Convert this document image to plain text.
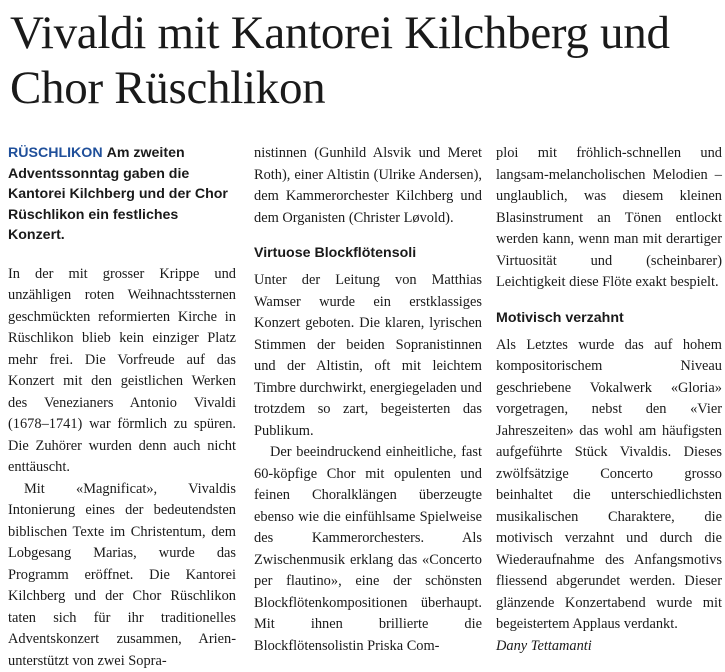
Vivaldi mit Kantorei Kilchberg und Chor Rüschlikon

RÜSCHLIKON Am zweiten Adventssonntag gaben die Kantorei Kilchberg und der Chor Rüschlikon ein festliches Konzert.

In der mit grosser Krippe und unzähligen roten Weihnachtssternen geschmückten reformierten Kirche in Rüschlikon blieb kein einziger Platz mehr frei. Die Vorfreude auf das Konzert mit den geistlichen Werken des Venezianers Antonio Vivaldi (1678–1741) war förmlich zu spüren. Die Zuhörer wurden denn auch nicht enttäuscht.

Mit «Magnificat», Vivaldis Intonierung eines der bedeutendsten biblischen Texte im Christentum, dem Lobgesang Marias, wurde das Programm eröffnet. Die Kantorei Kilchberg und der Chor Rüschlikon taten sich für ihr traditionelles Adventskonzert zusammen, Arien-unterstützt von zwei Sopra-

nistinnen (Gunhild Alsvik und Meret Roth), einer Altistin (Ulrike Andersen), dem Kammerorchester Kilchberg und dem Organisten (Christer Løvold).

Virtuose Blockflötensoli

Unter der Leitung von Matthias Wamser wurde ein erstklassiges Konzert geboten. Die klaren, lyrischen Stimmen der beiden Sopranistinnen und der Altistin, oft mit leichtem Timbre durchwirkt, energiegeladen und trotzdem so zart, begeisterten das Publikum.

Der beeindruckend einheitliche, fast 60-köpfige Chor mit opulenten und feinen Choralklängen überzeugte ebenso wie die einfühlsame Spielweise des Kammerorchesters. Als Zwischenmusik erklang das «Concerto per flautino», eine der schönsten Blockflötenkompositionen überhaupt. Mit ihnen brillierte die Blockflötensolistin Priska Com-

ploi mit fröhlich-schnellen und langsam-melancholischen Melodien – unglaublich, was diesem kleinen Blasinstrument an Tönen entlockt werden kann, wenn man mit derartiger Virtuosität und (scheinbarer) Leichtigkeit diese Flöte exakt bespielt.

Motivisch verzahnt

Als Letztes wurde das auf hohem kompositorischem Niveau geschriebene Vokalwerk «Gloria» vorgetragen, nebst den «Vier Jahreszeiten» das wohl am häufigsten aufgeführte Stück Vivaldis. Dieses zwölfsätzige Concerto grosso beinhaltet die unterschiedlichsten musikalischen Charaktere, die motivisch verzahnt und durch die Wiederaufnahme des Anfangsmotivs fliessend abgerundet werden. Dieser glänzende Konzertabend wurde mit begeistertem Applaus verdankt.

Dany Tettamanti
